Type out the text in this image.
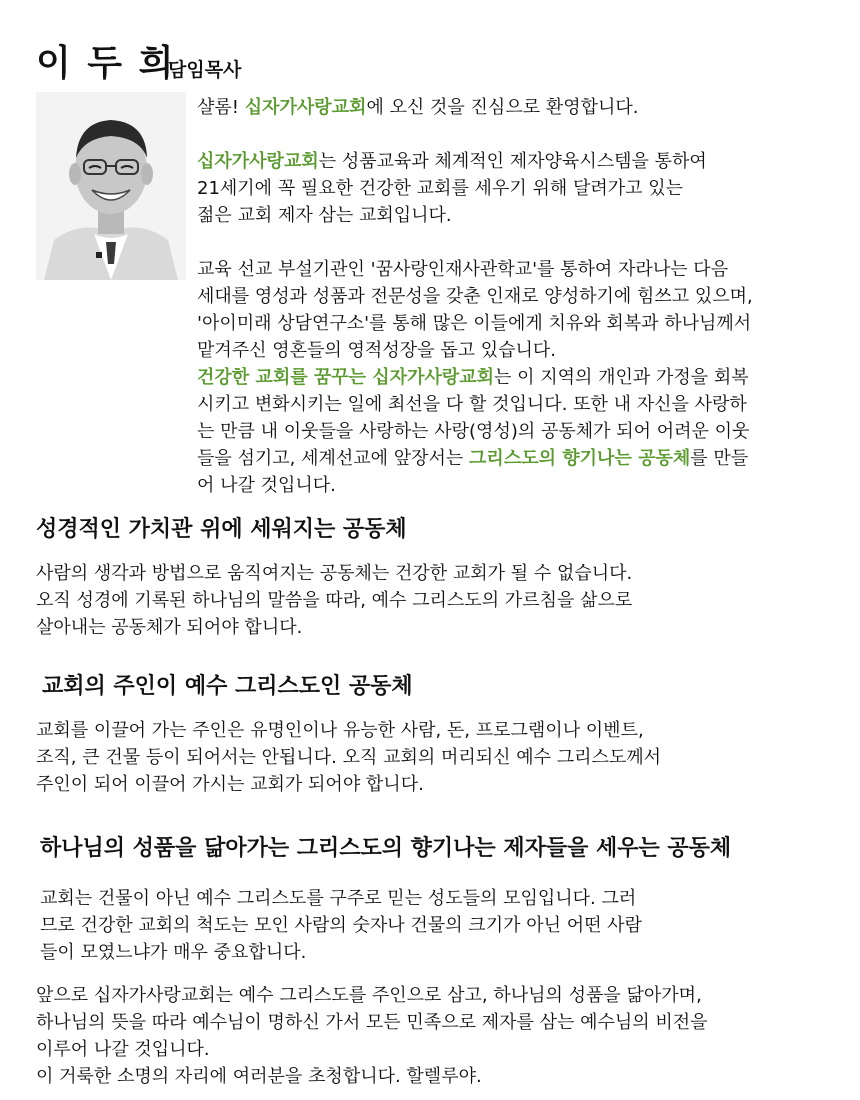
이 두 희
담임목사
샬롬! 십자가사랑교회에 오신 것을 진심으로 환영합니다.
십자가사랑교회는 성품교육과 체계적인 제자양육시스템을 통하여
21세기에 꼭 필요한 건강한 교회를 세우기 위해 달려가고 있는
젊은 교회 제자 삼는 교회입니다.
교육 선교 부설기관인 '꿈사랑인재사관학교'를 통하여 자라나는 다음
세대를 영성과 성품과 전문성을 갖춘 인재로 양성하기에 힘쓰고 있으며,
'아이미래 상담연구소'를 통해 많은 이들에게 치유와 회복과 하나님께서
맡겨주신 영혼들의 영적성장을 돕고 있습니다.
건강한 교회를 꿈꾸는 십자가사랑교회는 이 지역의 개인과 가정을 회복
시키고 변화시키는 일에 최선을 다 할 것입니다. 또한 내 자신을 사랑하
는 만큼 내 이웃들을 사랑하는 사랑(영성)의 공동체가 되어 어려운 이웃
들을 섬기고, 세계선교에 앞장서는 그리스도의 향기나는 공동체를 만들
어 나갈 것입니다.
성경적인 가치관 위에 세워지는 공동체
사람의 생각과 방법으로 움직여지는 공동체는 건강한 교회가 될 수 없습니다.
오직 성경에 기록된 하나님의 말씀을 따라, 예수 그리스도의 가르침을 삶으로
살아내는 공동체가 되어야 합니다.
교회의 주인이 예수 그리스도인 공동체
교회를 이끌어 가는 주인은 유명인이나 유능한 사람, 돈, 프로그램이나 이벤트,
조직, 큰 건물 등이 되어서는 안됩니다. 오직 교회의 머리되신 예수 그리스도께서
주인이 되어 이끌어 가시는 교회가 되어야 합니다.
하나님의 성품을 닮아가는 그리스도의 향기나는 제자들을 세우는 공동체
교회는 건물이 아닌 예수 그리스도를 구주로 믿는 성도들의 모임입니다. 그러
므로 건강한 교회의 척도는 모인 사람의 숫자나 건물의 크기가 아닌 어떤 사람
들이 모였느냐가 매우 중요합니다.
앞으로 십자가사랑교회는 예수 그리스도를 주인으로 삼고, 하나님의 성품을 닮아가며,
하나님의 뜻을 따라 예수님이 명하신 가서 모든 민족으로 제자를 삼는 예수님의 비전을
이루어 나갈 것입니다.
이 거룩한 소명의 자리에 여러분을 초청합니다. 할렐루야.
